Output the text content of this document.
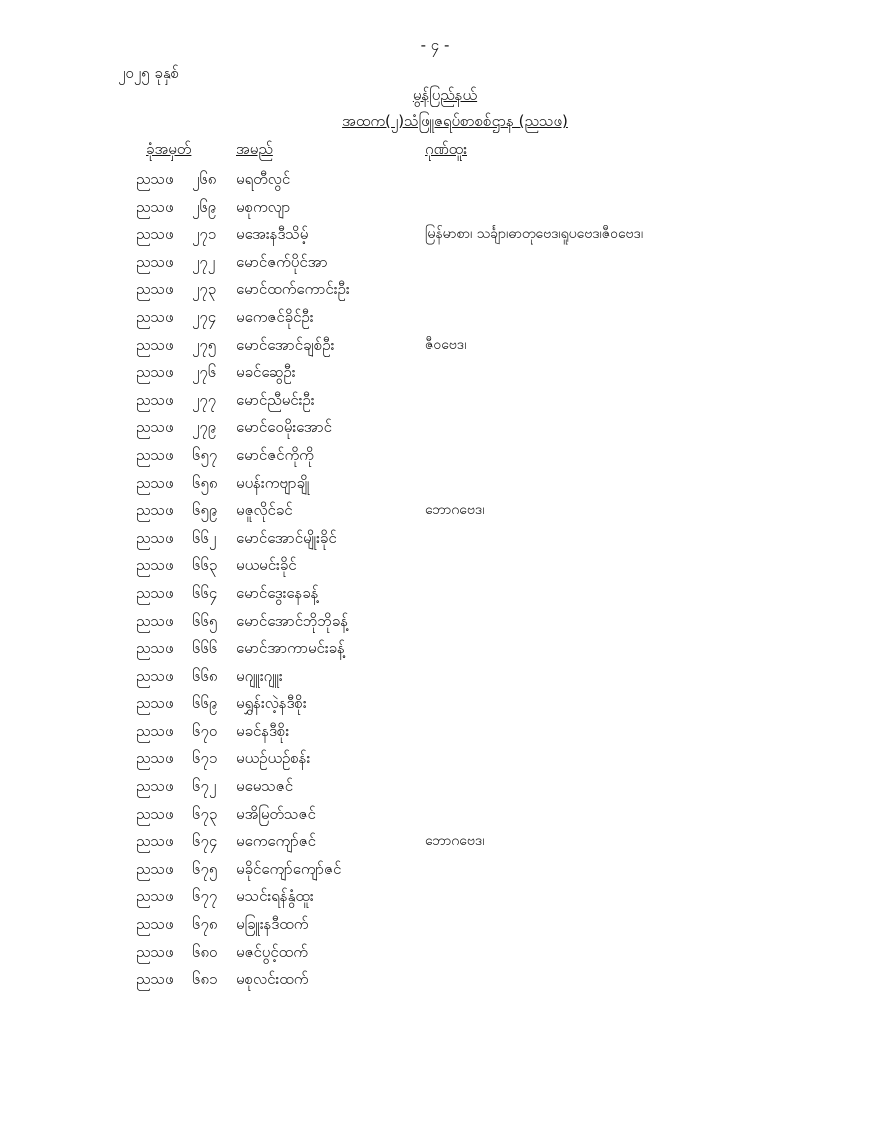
- ၄ -
၂၀၂၅ ခုနှစ်
မွန်ပြည်နယ်
အထက(၂)သံဖြူဇရပ်စာစစ်ဌာန (ညသဖ)
ခုံအမှတ်	အမည်	ဂုဏ်ထူး
ညသဖ ၂၆၈ မရတီလွင်
ညသဖ ၂၆၉ မစုကလျာ
ညသဖ ၂၇၁ မအေးနဒီသိမ့်	မြန်မာစာ၊ သင်္ချာ၊ဓာတုဗေဒ၊ရူပဗေဒ၊ဇီဝဗေဒ၊
ညသဖ ၂၇၂ မောင်ဇက်ပိုင်အာ
ညသဖ ၂၇၃ မောင်ထက်ကောင်းဦး
ညသဖ ၂၇၄ မကေဇင်ခိုင်ဦး
ညသဖ ၂၇၅ မောင်အောင်ချစ်ဦး	ဇီဝဗေဒ၊
ညသဖ ၂၇၆ မခင်ဆွေဦး
ညသဖ ၂၇၇ မောင်ညီမင်းဦး
ညသဖ ၂၇၉ မောင်ဝေမိုးအောင်
ညသဖ ၆၅၇ မောင်ဇင်ကိုကို
ညသဖ ၆၅၈ မပန်းကဗျာချို
ညသဖ ၆၅၉ မဇူလိုင်ခင်	ဘောဂဗေဒ၊
ညသဖ ၆၆၂ မောင်အောင်မျိုးခိုင်
ညသဖ ၆၆၃ မယမင်းခိုင်
ညသဖ ၆၆၄ မောင်ဒွေးနေခန့်
ညသဖ ၆၆၅ မောင်အောင်ဘိုဘိုခန့်
ညသဖ ၆၆၆ မောင်အာကာမင်းခန့်
ညသဖ ၆၆၈ မဂျူးဂျူး
ညသဖ ၆၆၉ မရွှန်းလဲ့နဒီစိုး
ညသဖ ၆၇၀ မခင်နဒီစိုး
ညသဖ ၆၇၁ မယဉ်ယဉ်စန်း
ညသဖ ၆၇၂ မမေသဇင်
ညသဖ ၆၇၃ မအိမြတ်သဇင်
ညသဖ ၆၇၄ မကေကျော်ဇင်	ဘောဂဗေဒ၊
ညသဖ ၆၇၅ မခိုင်ကျော်ကျော်ဇင်
ညသဖ ၆၇၇ မသင်းရန်နွံထူး
ညသဖ ၆၇၈ မခြူးနဒီထက်
ညသဖ ၆၈၀ မဇင်ပွင့်ထက်
ညသဖ ၆၈၁ မစုလင်းထက်
